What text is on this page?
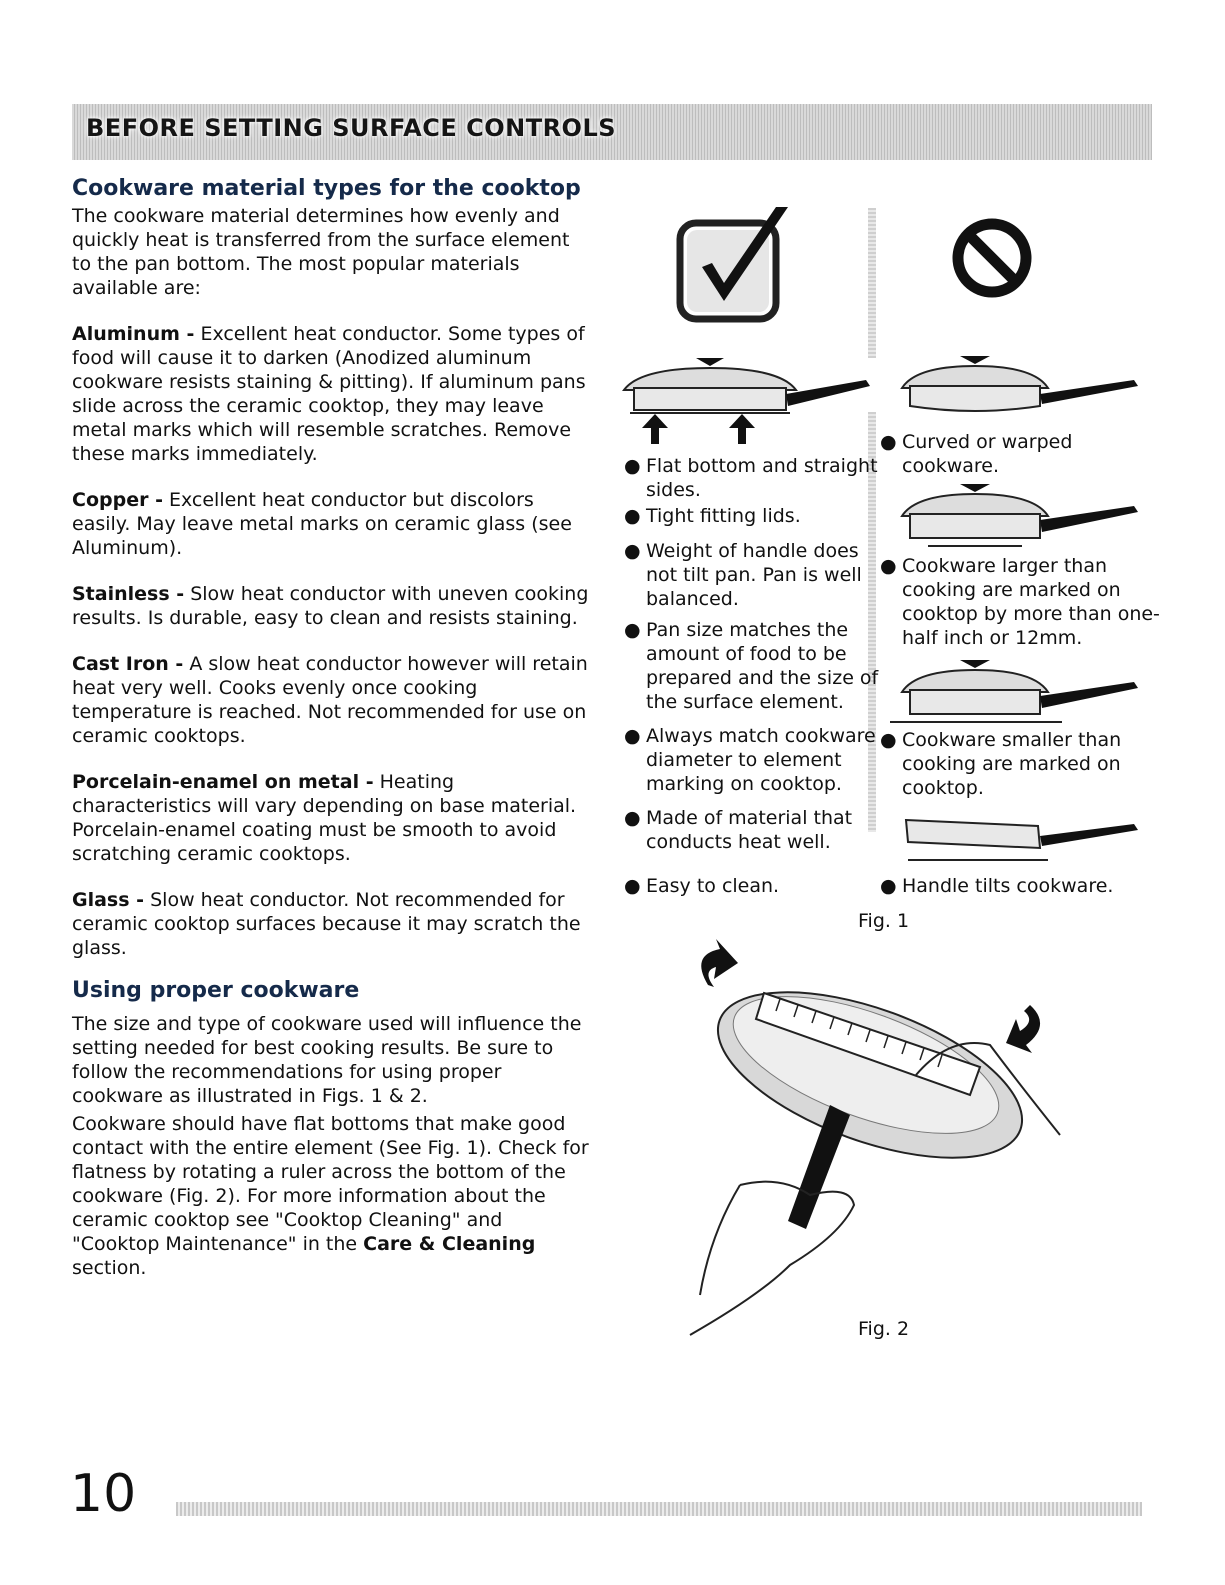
BEFORE SETTING SURFACE CONTROLS
Cookware material types for the cooktop

The cookware material determines how evenly and quickly heat is transferred from the surface element to the pan bottom. The most popular materials available are:

Aluminum - Excellent heat conductor. Some types of food will cause it to darken (Anodized aluminum cookware resists staining & pitting). If aluminum pans slide across the ceramic cooktop, they may leave metal marks which will resemble scratches. Remove these marks immediately.

Copper - Excellent heat conductor but discolors easily. May leave metal marks on ceramic glass (see Aluminum).

Stainless - Slow heat conductor with uneven cooking results. Is durable, easy to clean and resists staining.

Cast Iron - A slow heat conductor however will retain heat very well. Cooks evenly once cooking temperature is reached. Not recommended for use on ceramic cooktops.

Porcelain-enamel on metal - Heating characteristics will vary depending on base material. Porcelain-enamel coating must be smooth to avoid scratching ceramic cooktops.

Glass - Slow heat conductor. Not recommended for ceramic cooktop surfaces because it may scratch the glass.

Using proper cookware

The size and type of cookware used will influence the setting needed for best cooking results. Be sure to follow the recommendations for using proper cookware as illustrated in Figs. 1 & 2.

Cookware should have flat bottoms that make good contact with the entire element (See Fig. 1). Check for flatness by rotating a ruler across the bottom of the cookware (Fig. 2). For more information about the ceramic cooktop see "Cooktop Cleaning" and "Cooktop Maintenance" in the Care & Cleaning section.

● Flat bottom and straight
sides.
● Tight fitting lids.
● Weight of handle does
not tilt pan. Pan is well
balanced.
● Pan size matches the
amount of food to be
prepared and the size of
the surface element.
● Always match cookware
diameter to element
marking on cooktop.
● Made of material that
conducts heat well.
● Easy to clean.
● Curved or warped
cookware.
● Cookware larger than
cooking are marked on
cooktop by more than one-
half inch or 12mm.
● Cookware smaller than
cooking are marked on
cooktop.
● Handle tilts cookware.
Fig. 1
Fig. 2
10
